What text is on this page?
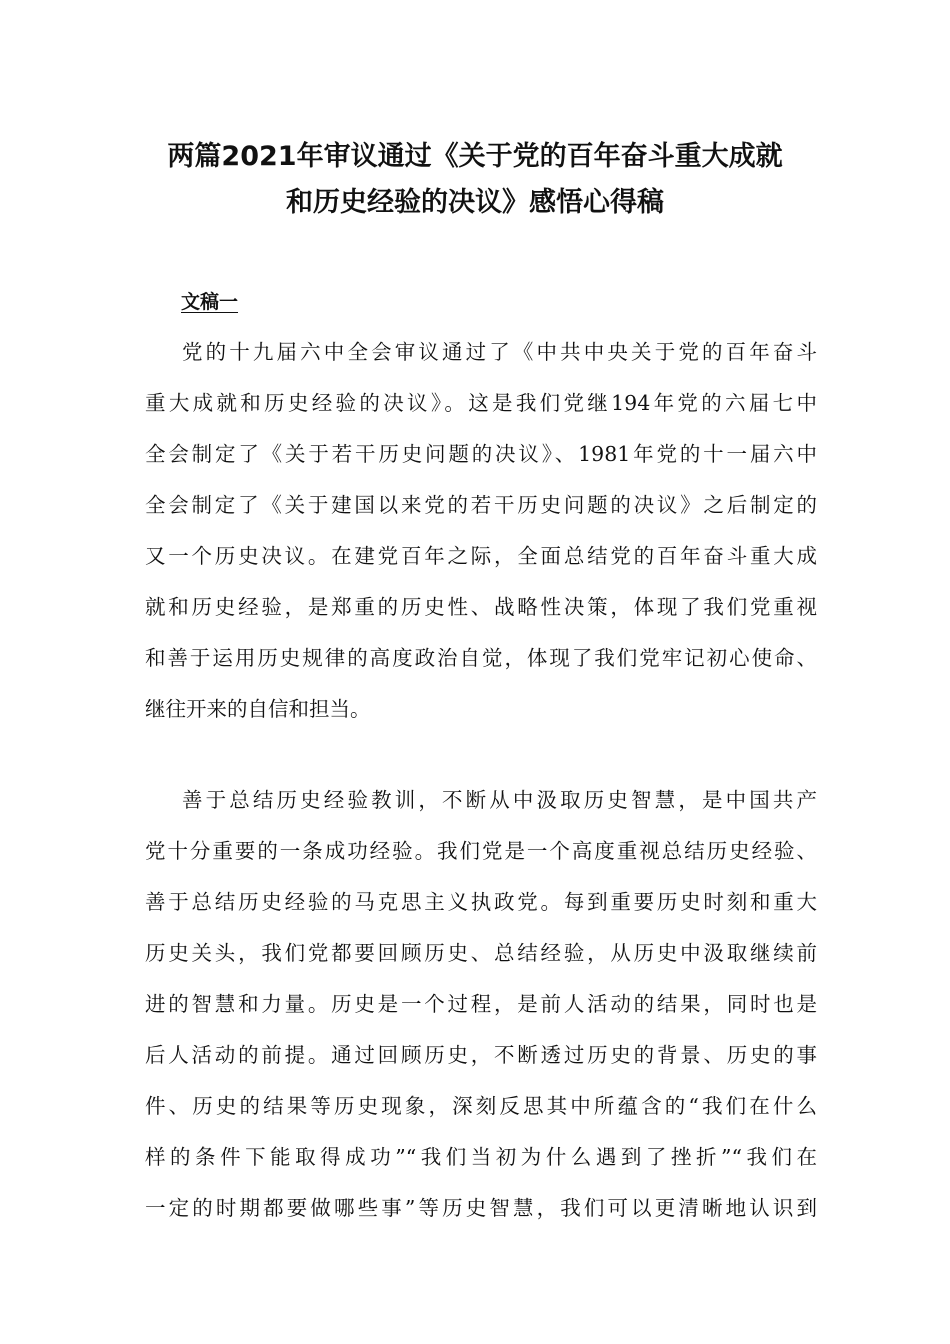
两篇2021年审议通过《关于党的百年奋斗重大成就
和历史经验的决议》感悟心得稿
文稿一
党的十九届六中全会审议通过了《中共中央关于党的百年奋斗
重大成就和历史经验的决议》。这是我们党继194年党的六届七中
全会制定了《关于若干历史问题的决议》、1981年党的十一届六中
全会制定了《关于建国以来党的若干历史问题的决议》之后制定的
又一个历史决议。在建党百年之际，全面总结党的百年奋斗重大成
就和历史经验，是郑重的历史性、战略性决策，体现了我们党重视
和善于运用历史规律的高度政治自觉，体现了我们党牢记初心使命、
继往开来的自信和担当。
善于总结历史经验教训，不断从中汲取历史智慧，是中国共产
党十分重要的一条成功经验。我们党是一个高度重视总结历史经验、
善于总结历史经验的马克思主义执政党。每到重要历史时刻和重大
历史关头，我们党都要回顾历史、总结经验，从历史中汲取继续前
进的智慧和力量。历史是一个过程，是前人活动的结果，同时也是
后人活动的前提。通过回顾历史，不断透过历史的背景、历史的事
件、历史的结果等历史现象，深刻反思其中所蕴含的“我们在什么
样的条件下能取得成功”“我们当初为什么遇到了挫折”“我们在
一定的时期都要做哪些事”等历史智慧，我们可以更清晰地认识到
